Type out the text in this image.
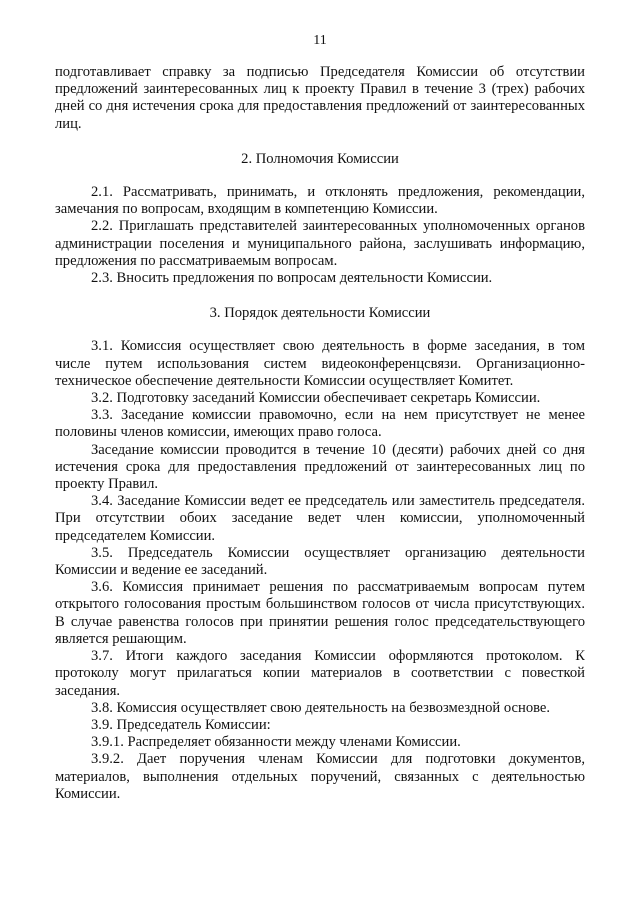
11

подготавливает справку за подписью Председателя Комиссии об отсутствии предложений заинтересованных лиц к проекту Правил в течение 3 (трех) рабочих дней со дня истечения срока для предоставления предложений от заинтересованных лиц.

2. Полномочия Комиссии

2.1. Рассматривать, принимать, и отклонять предложения, рекомендации, замечания по вопросам, входящим в компетенцию Комиссии.

2.2. Приглашать представителей заинтересованных уполномоченных органов администрации поселения и муниципального района, заслушивать информацию, предложения по рассматриваемым вопросам.

2.3. Вносить предложения по вопросам деятельности Комиссии.

3. Порядок деятельности Комиссии

3.1. Комиссия осуществляет свою деятельность в форме заседания, в том числе путем использования систем видеоконференцсвязи. Организационно-техническое обеспечение деятельности Комиссии осуществляет Комитет.

3.2. Подготовку заседаний Комиссии обеспечивает секретарь Комиссии.

3.3. Заседание комиссии правомочно, если на нем присутствует не менее половины членов комиссии, имеющих право голоса.

Заседание комиссии проводится в течение 10 (десяти) рабочих дней со дня истечения срока для предоставления предложений от заинтересованных лиц по проекту Правил.

3.4. Заседание Комиссии ведет ее председатель или заместитель председателя. При отсутствии обоих заседание ведет член комиссии, уполномоченный председателем Комиссии.

3.5. Председатель Комиссии осуществляет организацию деятельности Комиссии и ведение ее заседаний.

3.6. Комиссия принимает решения по рассматриваемым вопросам путем открытого голосования простым большинством голосов от числа присутствующих. В случае равенства голосов при принятии решения голос председательствующего является решающим.

3.7. Итоги каждого заседания Комиссии оформляются протоколом. К протоколу могут прилагаться копии материалов в соответствии с повесткой заседания.

3.8. Комиссия осуществляет свою деятельность на безвозмездной основе.

3.9. Председатель Комиссии:

3.9.1. Распределяет обязанности между членами Комиссии.

3.9.2. Дает поручения членам Комиссии для подготовки документов, материалов, выполнения отдельных поручений, связанных с деятельностью Комиссии.
